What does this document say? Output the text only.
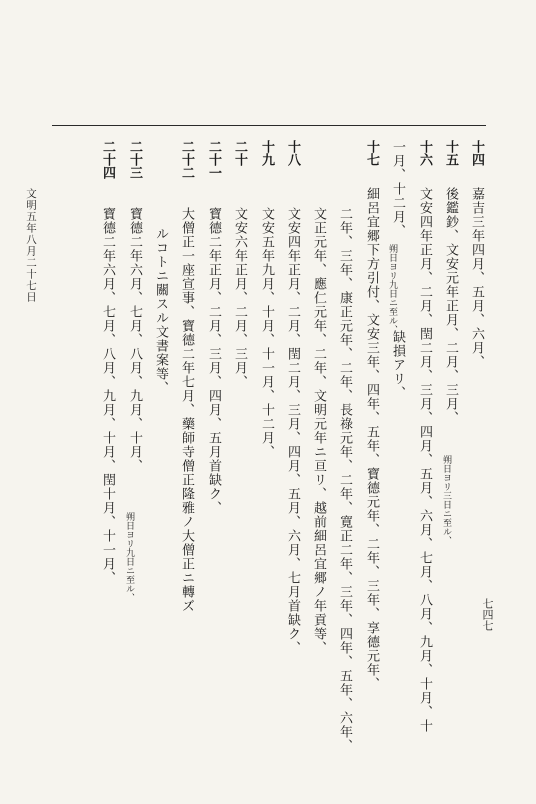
十四
嘉吉三年四月、五月、六月、
十五
後鑑鈔、文安元年正月、二月、三月、
朔日ヨリ三日ニ至ル、
十六
文安四年正月、二月、閏二月、三月、四月、五月、六月、七月、八月、九月、十月、十
一月、十二月、
朔日ヨリ九日ニ至ル、
缺損アリ、
十七
細呂宜郷下方引付、文安三年、四年、五年、寶德元年、二年、三年、享德元年、
二年、三年、康正元年、二年、長祿元年、二年、寛正二年、三年、四年、五年、六年、
文正元年、應仁元年、二年、文明元年ニ亘リ、越前細呂宜郷ノ年貢等、
十八
文安四年正月、二月、閏二月、三月、四月、五月、六月、七月首缺ク、
十九
文安五年九月、十月、十一月、十二月、
二十
文安六年正月、二月、三月、
二十一
寶德二年正月、二月、三月、四月、五月首缺ク、
二十二
大僧正一座宣事、寶德二年七月、藥師寺僧正隆雅ノ大僧正ニ轉ズ
ルコトニ關スル文書案等、
二十三
寶德二年六月、七月、八月、九月、十月、
朔日ヨリ九日ニ至ル、
二十四
寶德二年六月、七月、八月、九月、十月、閏十月、十一月、
文明五年八月二十七日
七四七
